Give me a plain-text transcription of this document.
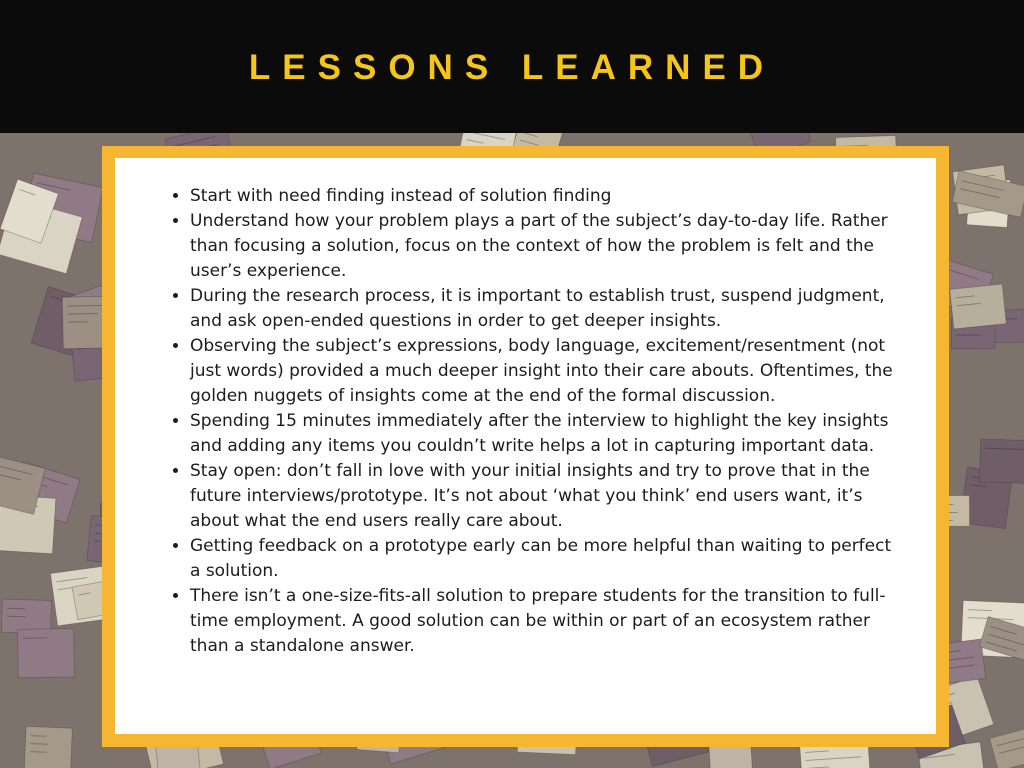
LESSONS LEARNED
• Start with need finding instead of solution finding
• Understand how your problem plays a part of the subject’s day-to-day life. Rather than focusing a solution, focus on the context of how the problem is felt and the user’s experience.
• During the research process, it is important to establish trust, suspend judgment, and ask open-ended questions in order to get deeper insights.
• Observing the subject’s expressions, body language, excitement/resentment (not just words) provided a much deeper insight into their care abouts. Oftentimes, the golden nuggets of insights come at the end of the formal discussion.
• Spending 15 minutes immediately after the interview to highlight the key insights and adding any items you couldn’t write helps a lot in capturing important data.
• Stay open: don’t fall in love with your initial insights and try to prove that in the future interviews/prototype. It’s not about ‘what you think’ end users want, it’s about what the end users really care about.
• Getting feedback on a prototype early can be more helpful than waiting to perfect a solution.
• There isn’t a one-size-fits-all solution to prepare students for the transition to full-time employment. A good solution can be within or part of an ecosystem rather than a standalone answer.
